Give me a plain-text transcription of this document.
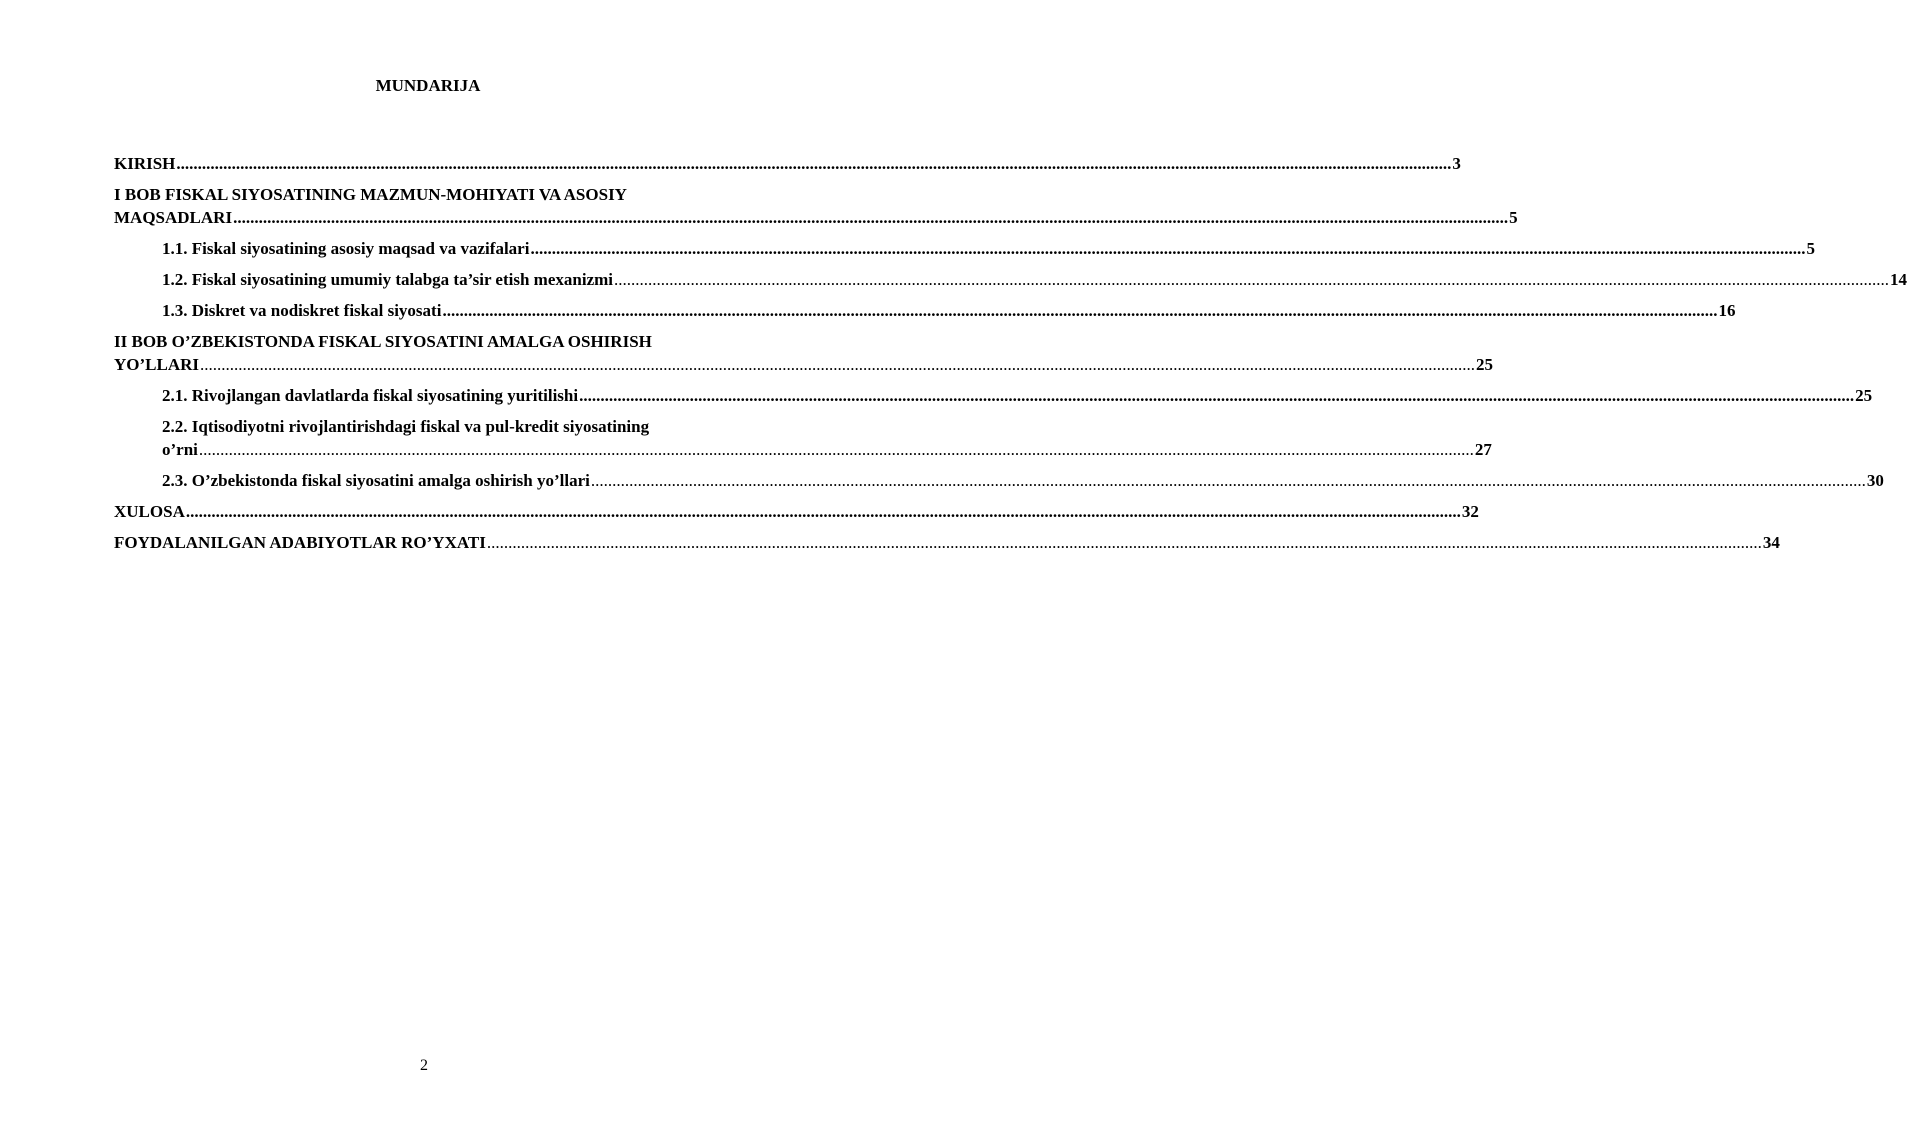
MUNDARIJA
KIRISH ............................................................................................................................................................................................................................................................................................................ 3
I BOB FISKAL SIYOSATINING MAZMUN-MOHIYATI VA ASOSIY
MAQSADLARI ............................................................................................................................................................................................................................................................................................................ 5
1.1. Fiskal siyosatining asosiy maqsad va vazifalari ............................................................................................................................................................................................................................................................................................................ 5
1.2. Fiskal siyosatining umumiy talabga ta’sir etish mexanizmi ............................................................................................................................................................................................................................................................................................................ 14
1.3. Diskret va nodiskret fiskal siyosati ............................................................................................................................................................................................................................................................................................................ 16
II BOB O’ZBEKISTONDA FISKAL SIYOSATINI AMALGA OSHIRISH
YO’LLARI ............................................................................................................................................................................................................................................................................................................ 25
2.1. Rivojlangan davlatlarda fiskal siyosatining yuritilishi ............................................................................................................................................................................................................................................................................................................ 25
2.2. Iqtisodiyotni rivojlantirishdagi fiskal va pul-kredit siyosatining
o’rni ............................................................................................................................................................................................................................................................................................................ 27
2.3. O’zbekistonda fiskal siyosatini amalga oshirish yo’llari ............................................................................................................................................................................................................................................................................................................ 30
XULOSA ............................................................................................................................................................................................................................................................................................................ 32
FOYDALANILGAN ADABIYOTLAR RO’YXATI ............................................................................................................................................................................................................................................................................................................ 34
2
